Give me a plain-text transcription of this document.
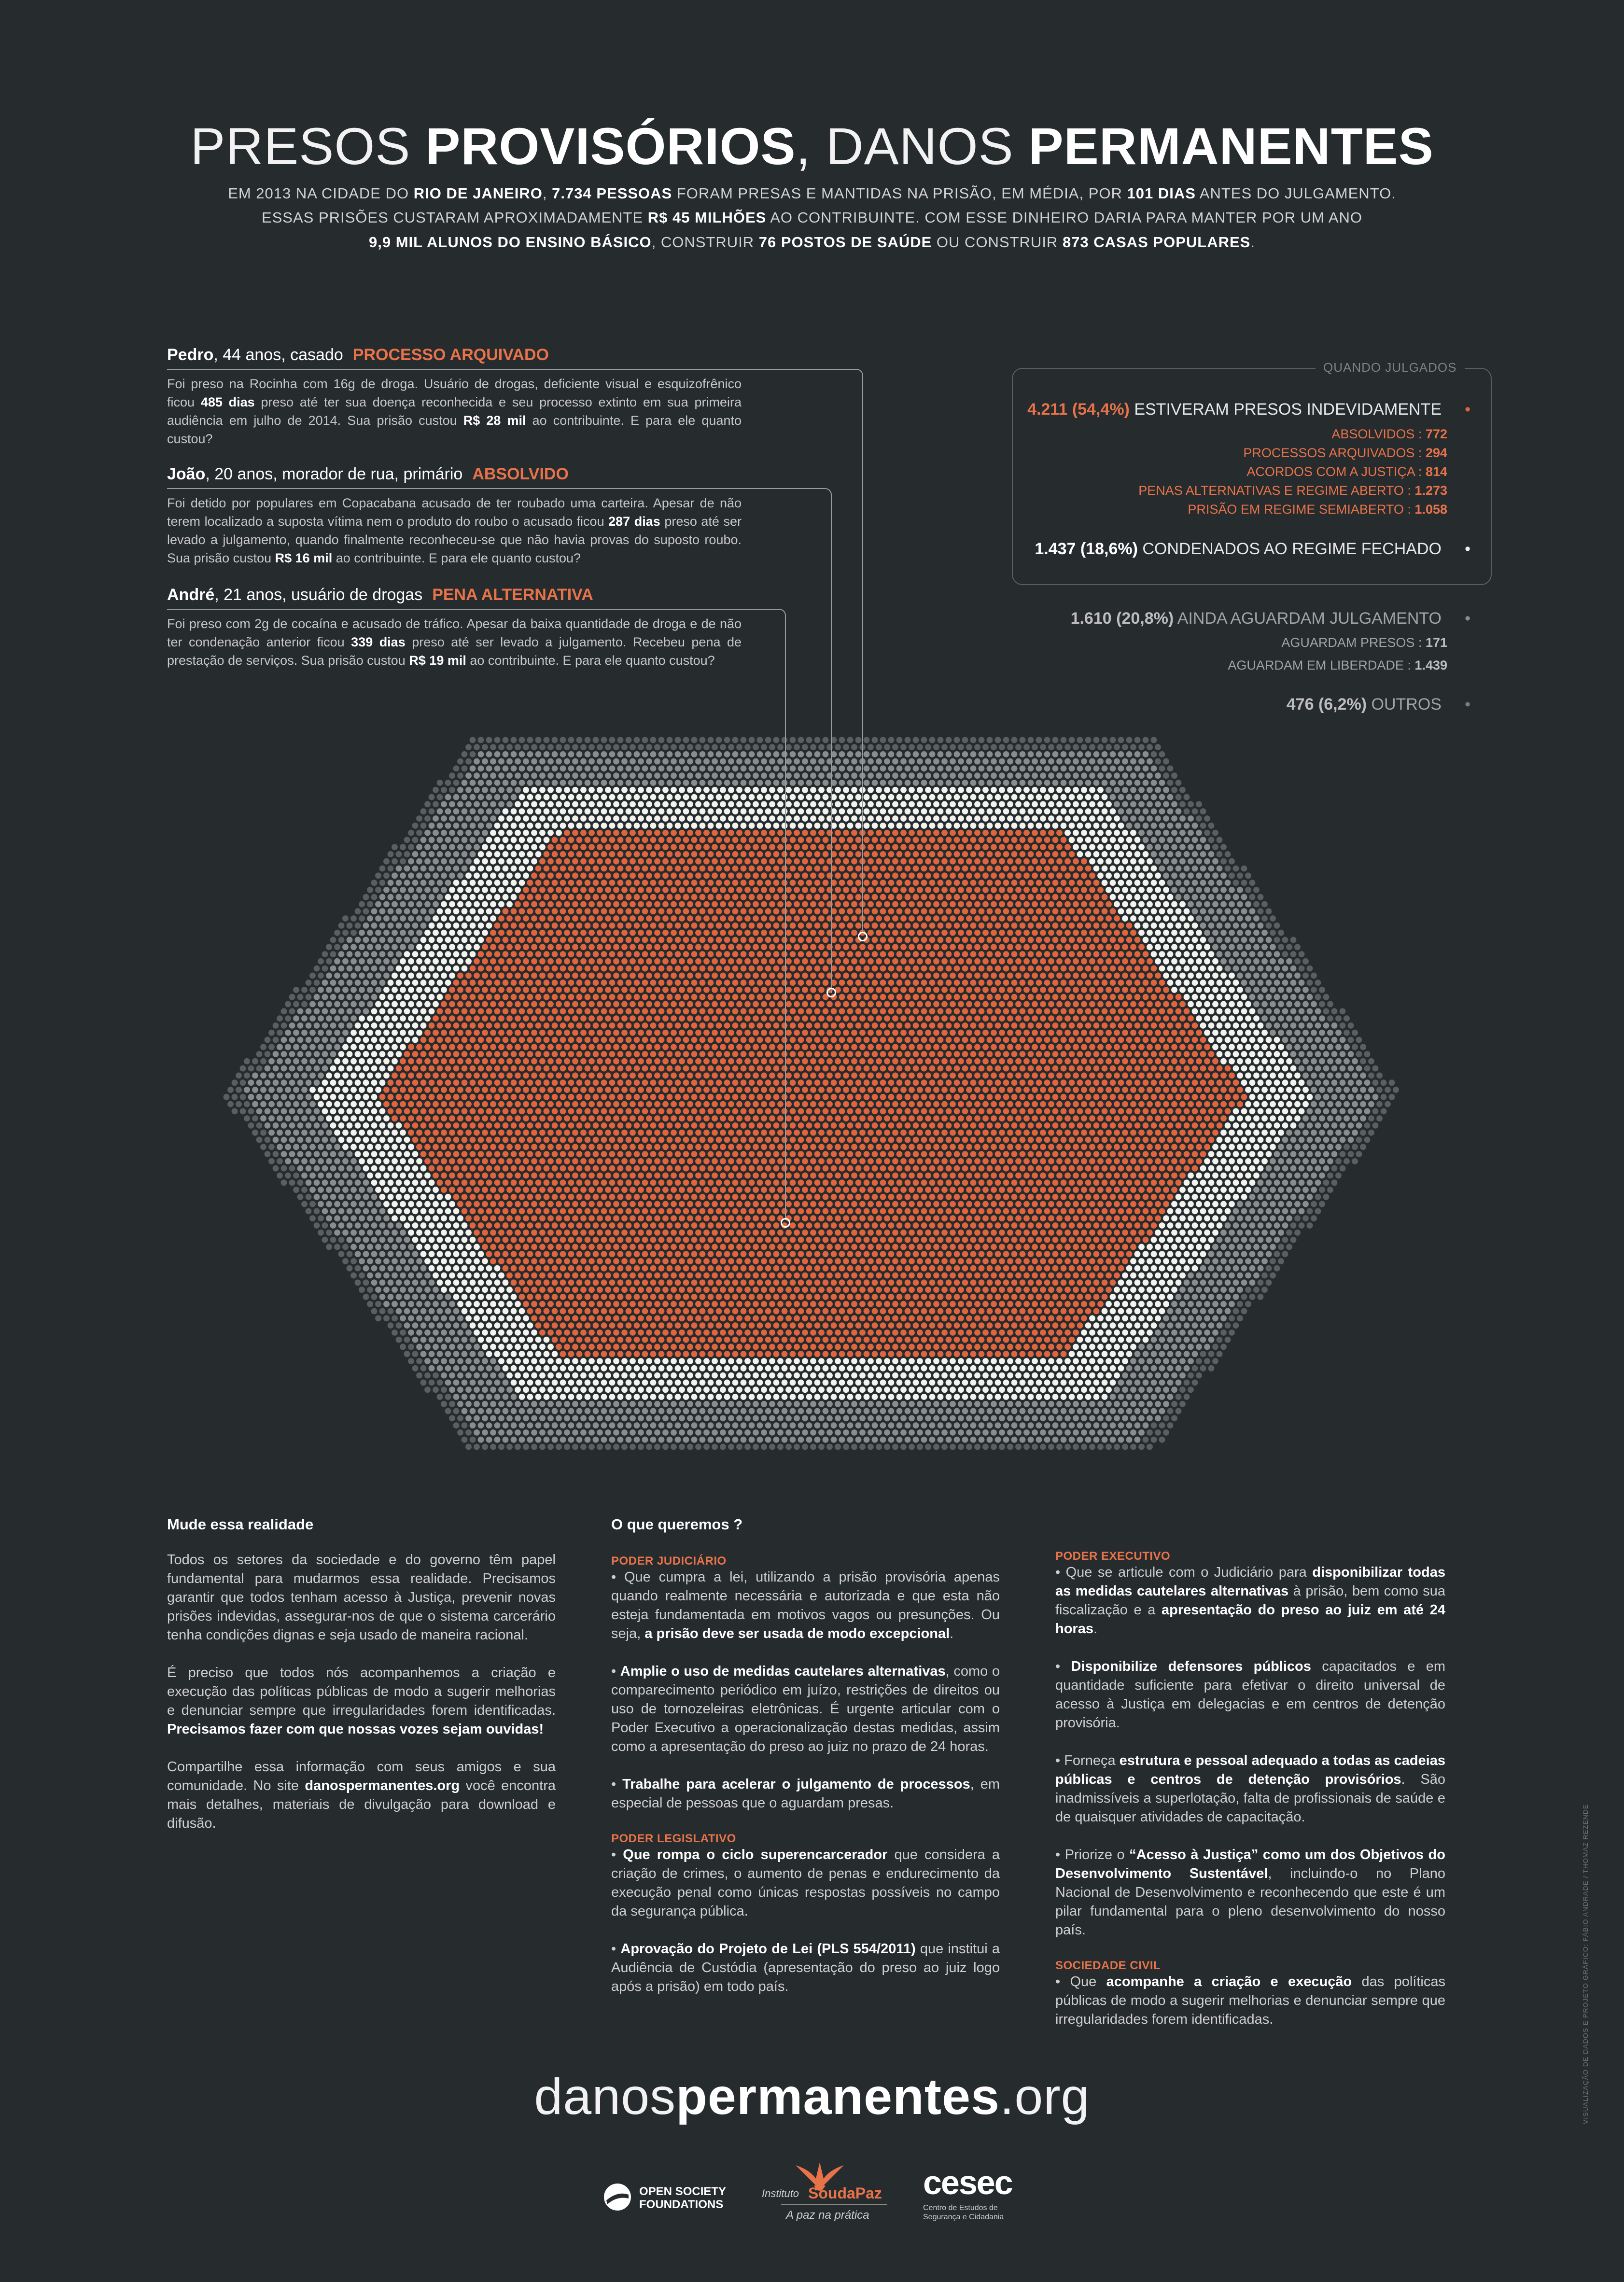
PRESOS PROVISÓRIOS, DANOS PERMANENTES
EM 2013 NA CIDADE DO RIO DE JANEIRO, 7.734 PESSOAS FORAM PRESAS E MANTIDAS NA PRISÃO, EM MÉDIA, POR 101 DIAS ANTES DO JULGAMENTO.
ESSAS PRISÕES CUSTARAM APROXIMADAMENTE R$ 45 MILHÕES AO CONTRIBUINTE. COM ESSE DINHEIRO DARIA PARA MANTER POR UM ANO
9,9 MIL ALUNOS DO ENSINO BÁSICO, CONSTRUIR 76 POSTOS DE SAÚDE OU CONSTRUIR 873 CASAS POPULARES.
Pedro, 44 anos, casado PROCESSO ARQUIVADO
Foi preso na Rocinha com 16g de droga. Usuário de drogas, deficiente visual e esquizofrênico ficou 485 dias preso até ter sua doença reconhecida e seu processo extinto em sua primeira audiência em julho de 2014. Sua prisão custou R$ 28 mil ao contribuinte. E para ele quanto custou?
João, 20 anos, morador de rua, primário ABSOLVIDO
Foi detido por populares em Copacabana acusado de ter roubado uma carteira. Apesar de não terem localizado a suposta vítima nem o produto do roubo o acusado ficou 287 dias preso até ser levado a julgamento, quando finalmente reconheceu-se que não havia provas do suposto roubo. Sua prisão custou R$ 16 mil ao contribuinte. E para ele quanto custou?
André, 21 anos, usuário de drogas PENA ALTERNATIVA
Foi preso com 2g de cocaína e acusado de tráfico. Apesar da baixa quantidade de droga e de não ter condenação anterior ficou 339 dias preso até ser levado a julgamento. Recebeu pena de prestação de serviços. Sua prisão custou R$ 19 mil ao contribuinte. E para ele quanto custou?
QUANDO JULGADOS
4.211 (54,4%) ESTIVERAM PRESOS INDEVIDAMENTE •
ABSOLVIDOS : 772
PROCESSOS ARQUIVADOS : 294
ACORDOS COM A JUSTIÇA : 814
PENAS ALTERNATIVAS E REGIME ABERTO : 1.273
PRISÃO EM REGIME SEMIABERTO : 1.058
1.437 (18,6%) CONDENADOS AO REGIME FECHADO •
1.610 (20,8%) AINDA AGUARDAM JULGAMENTO •
AGUARDAM PRESOS : 171
AGUARDAM EM LIBERDADE : 1.439
476 (6,2%) OUTROS •
Mude essa realidade
Todos os setores da sociedade e do governo têm papel fundamental para mudarmos essa realidade. Precisamos garantir que todos tenham acesso à Justiça, prevenir novas prisões indevidas, assegurar-nos de que o sistema carcerário tenha condições dignas e seja usado de maneira racional.
É preciso que todos nós acompanhemos a criação e execução das políticas públicas de modo a sugerir melhorias e denunciar sempre que irregularidades forem identificadas. Precisamos fazer com que nossas vozes sejam ouvidas!
Compartilhe essa informação com seus amigos e sua comunidade. No site danospermanentes.org você encontra mais detalhes, materiais de divulgação para download e difusão.
O que queremos ?
PODER JUDICIÁRIO
• Que cumpra a lei, utilizando a prisão provisória apenas quando realmente necessária e autorizada e que esta não esteja fundamentada em motivos vagos ou presunções. Ou seja, a prisão deve ser usada de modo excepcional.
• Amplie o uso de medidas cautelares alternativas, como o comparecimento periódico em juízo, restrições de direitos ou uso de tornozeleiras eletrônicas. É urgente articular com o Poder Executivo a operacionalização destas medidas, assim como a apresentação do preso ao juiz no prazo de 24 horas.
• Trabalhe para acelerar o julgamento de processos, em especial de pessoas que o aguardam presas.
PODER LEGISLATIVO
• Que rompa o ciclo superencarcerador que considera a criação de crimes, o aumento de penas e endurecimento da execução penal como únicas respostas possíveis no campo da segurança pública.
• Aprovação do Projeto de Lei (PLS 554/2011) que institui a Audiência de Custódia (apresentação do preso ao juiz logo após a prisão) em todo país.
PODER EXECUTIVO
• Que se articule com o Judiciário para disponibilizar todas as medidas cautelares alternativas à prisão, bem como sua fiscalização e a apresentação do preso ao juiz em até 24 horas.
• Disponibilize defensores públicos capacitados e em quantidade suficiente para efetivar o direito universal de acesso à Justiça em delegacias e em centros de detenção provisória.
• Forneça estrutura e pessoal adequado a todas as cadeias públicas e centros de detenção provisórios. São inadmissíveis a superlotação, falta de profissionais de saúde e de quaisquer atividades de capacitação.
• Priorize o “Acesso à Justiça” como um dos Objetivos do Desenvolvimento Sustentável, incluindo-o no Plano Nacional de Desenvolvimento e reconhecendo que este é um pilar fundamental para o pleno desenvolvimento do nosso país.
SOCIEDADE CIVIL
• Que acompanhe a criação e execução das políticas públicas de modo a sugerir melhorias e denunciar sempre que irregularidades forem identificadas.
danospermanentes.org
OPEN SOCIETY
FOUNDATIONS
Instituto SoudaPaz
A paz na prática
cesec
Centro de Estudos de
Segurança e Cidadania
VISUALIZAÇÃO DE DADOS E PROJETO GRÁFICO: FÁBIO ANDRADE / THOMAZ REZENDE
